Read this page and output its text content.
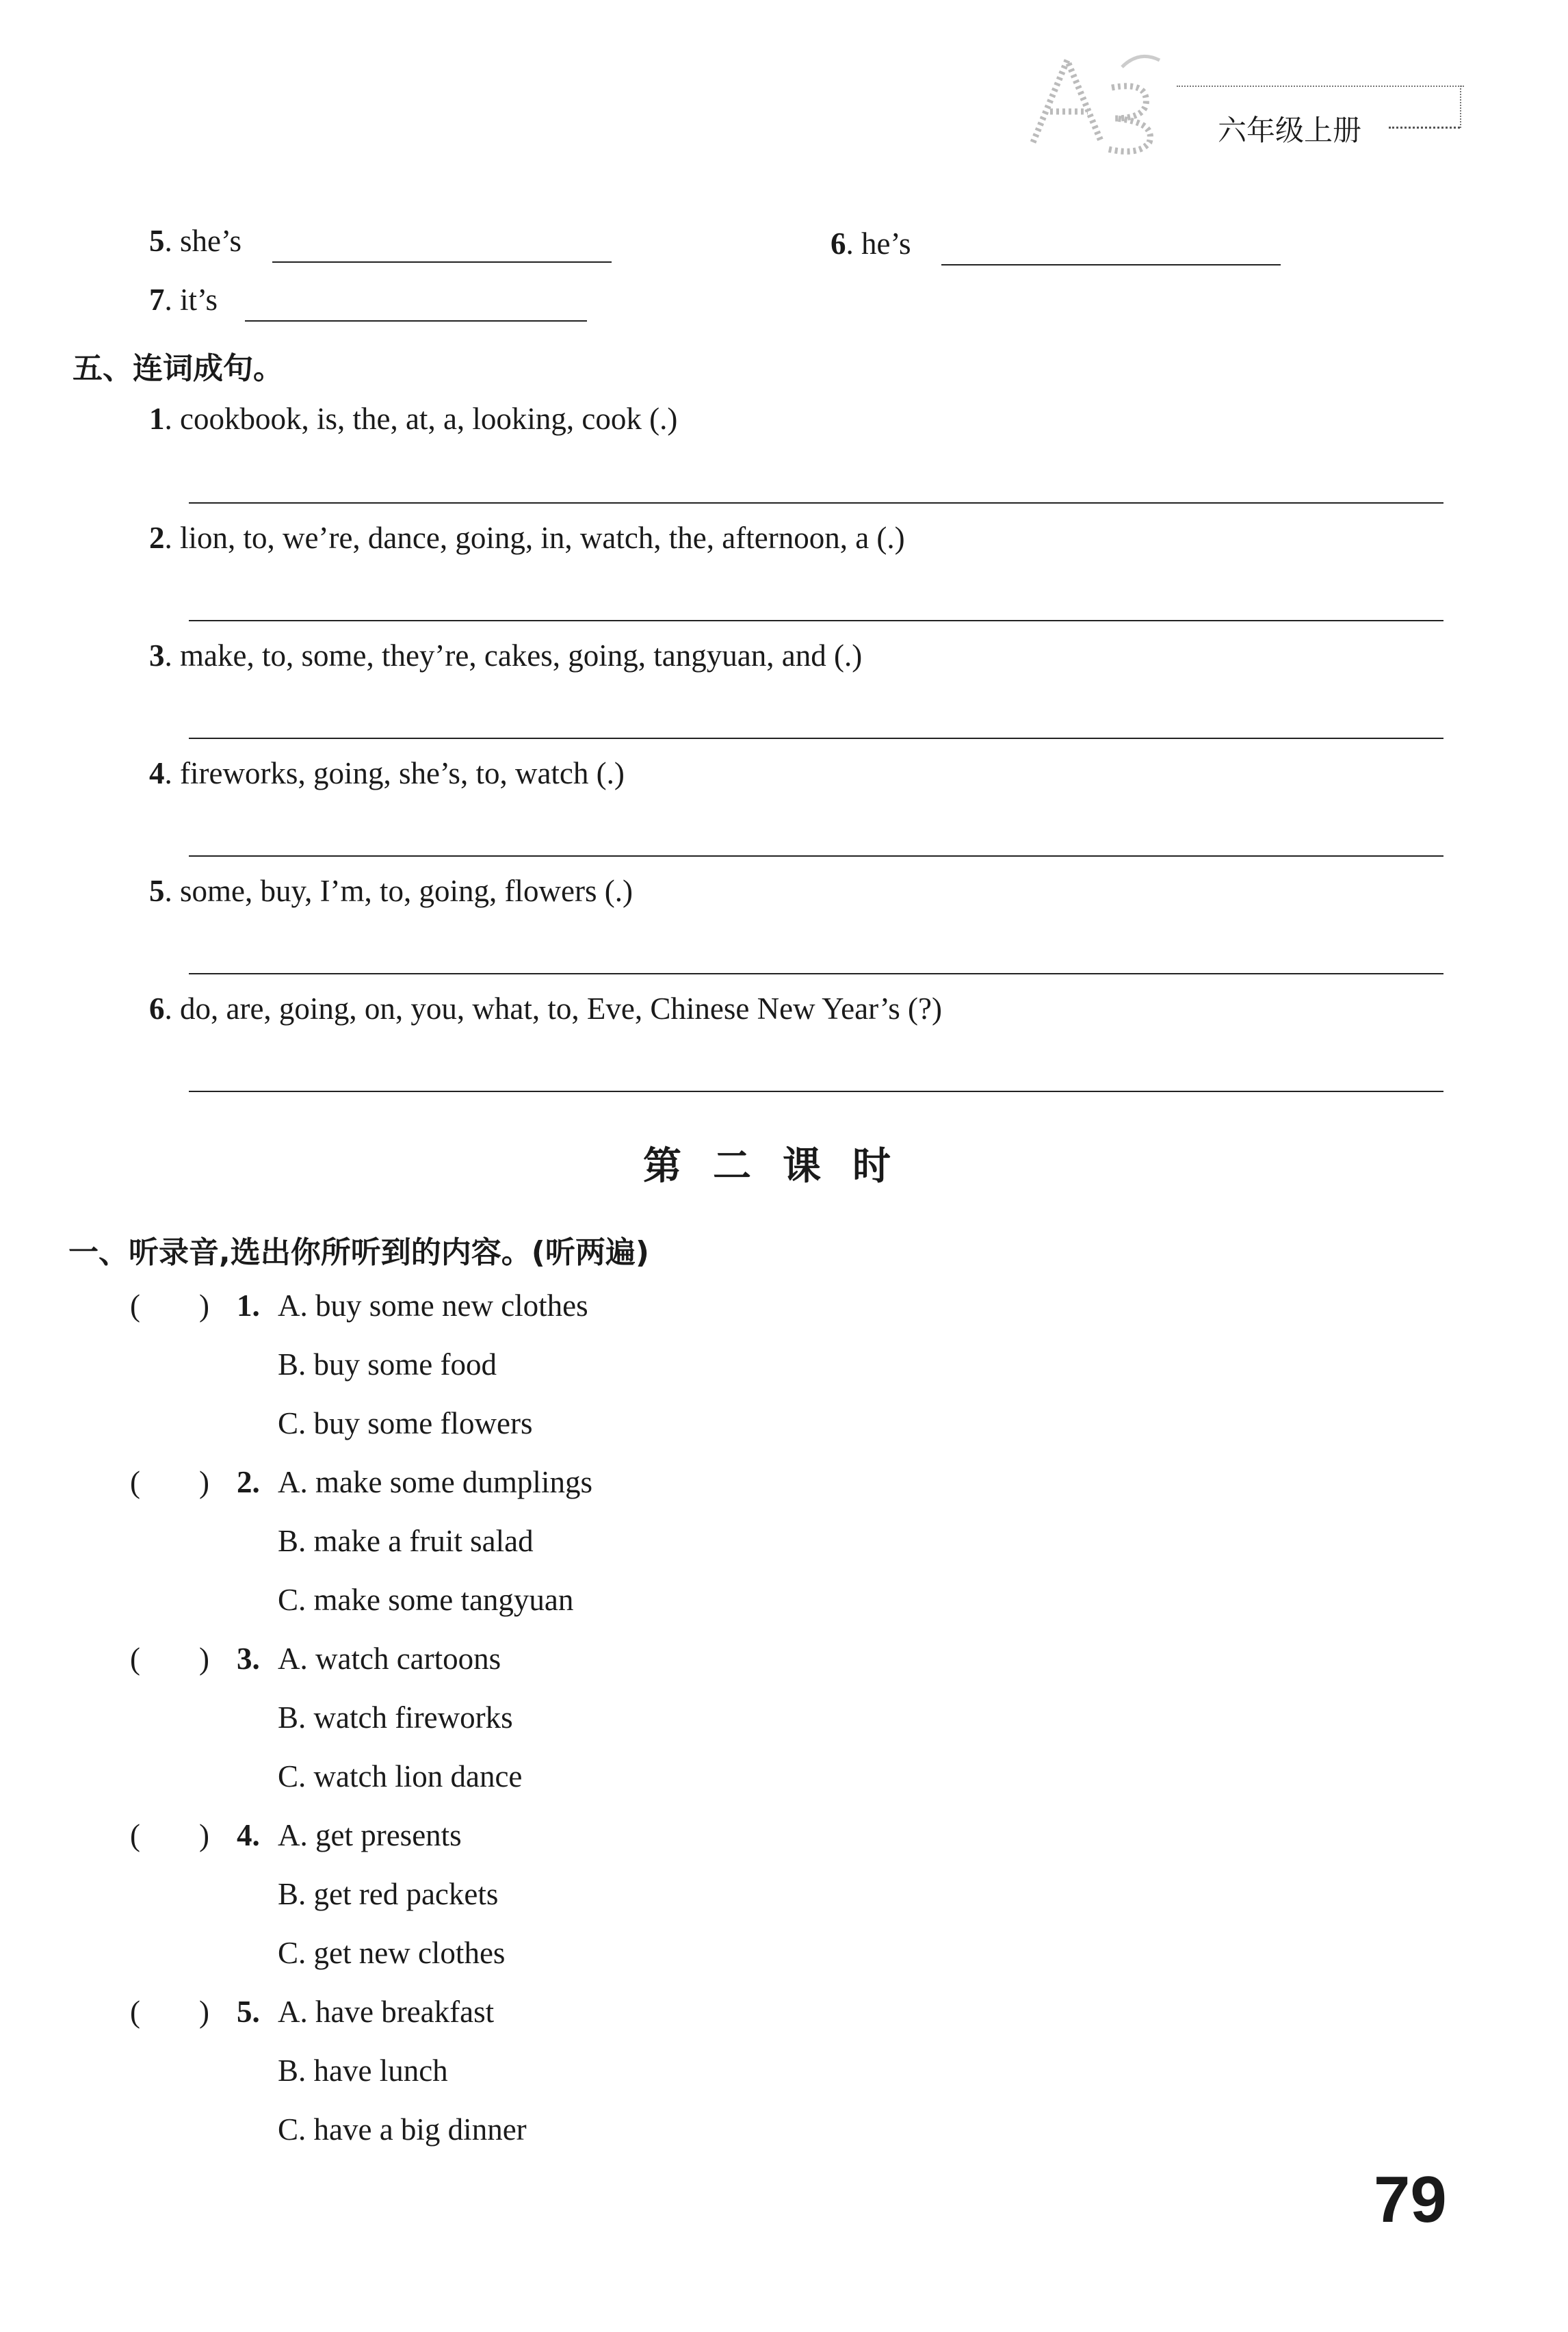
六年级上册
5. she’s	6. he’s
7. it’s
五、连词成句。
1. cookbook, is, the, at, a, looking, cook (.)
2. lion, to, we’re, dance, going, in, watch, the, afternoon, a (.)
3. make, to, some, they’re, cakes, going, tangyuan, and (.)
4. fireworks, going, she’s, to, watch (.)
5. some, buy, I’m, to, going, flowers (.)
6. do, are, going, on, you, what, to, Eve, Chinese New Year’s (?)
第二课时
一、听录音,选出你所听到的内容。(听两遍)
( ) 1. A. buy some new clothes
B. buy some food
C. buy some flowers
( ) 2. A. make some dumplings
B. make a fruit salad
C. make some tangyuan
( ) 3. A. watch cartoons
B. watch fireworks
C. watch lion dance
( ) 4. A. get presents
B. get red packets
C. get new clothes
( ) 5. A. have breakfast
B. have lunch
C. have a big dinner
79
